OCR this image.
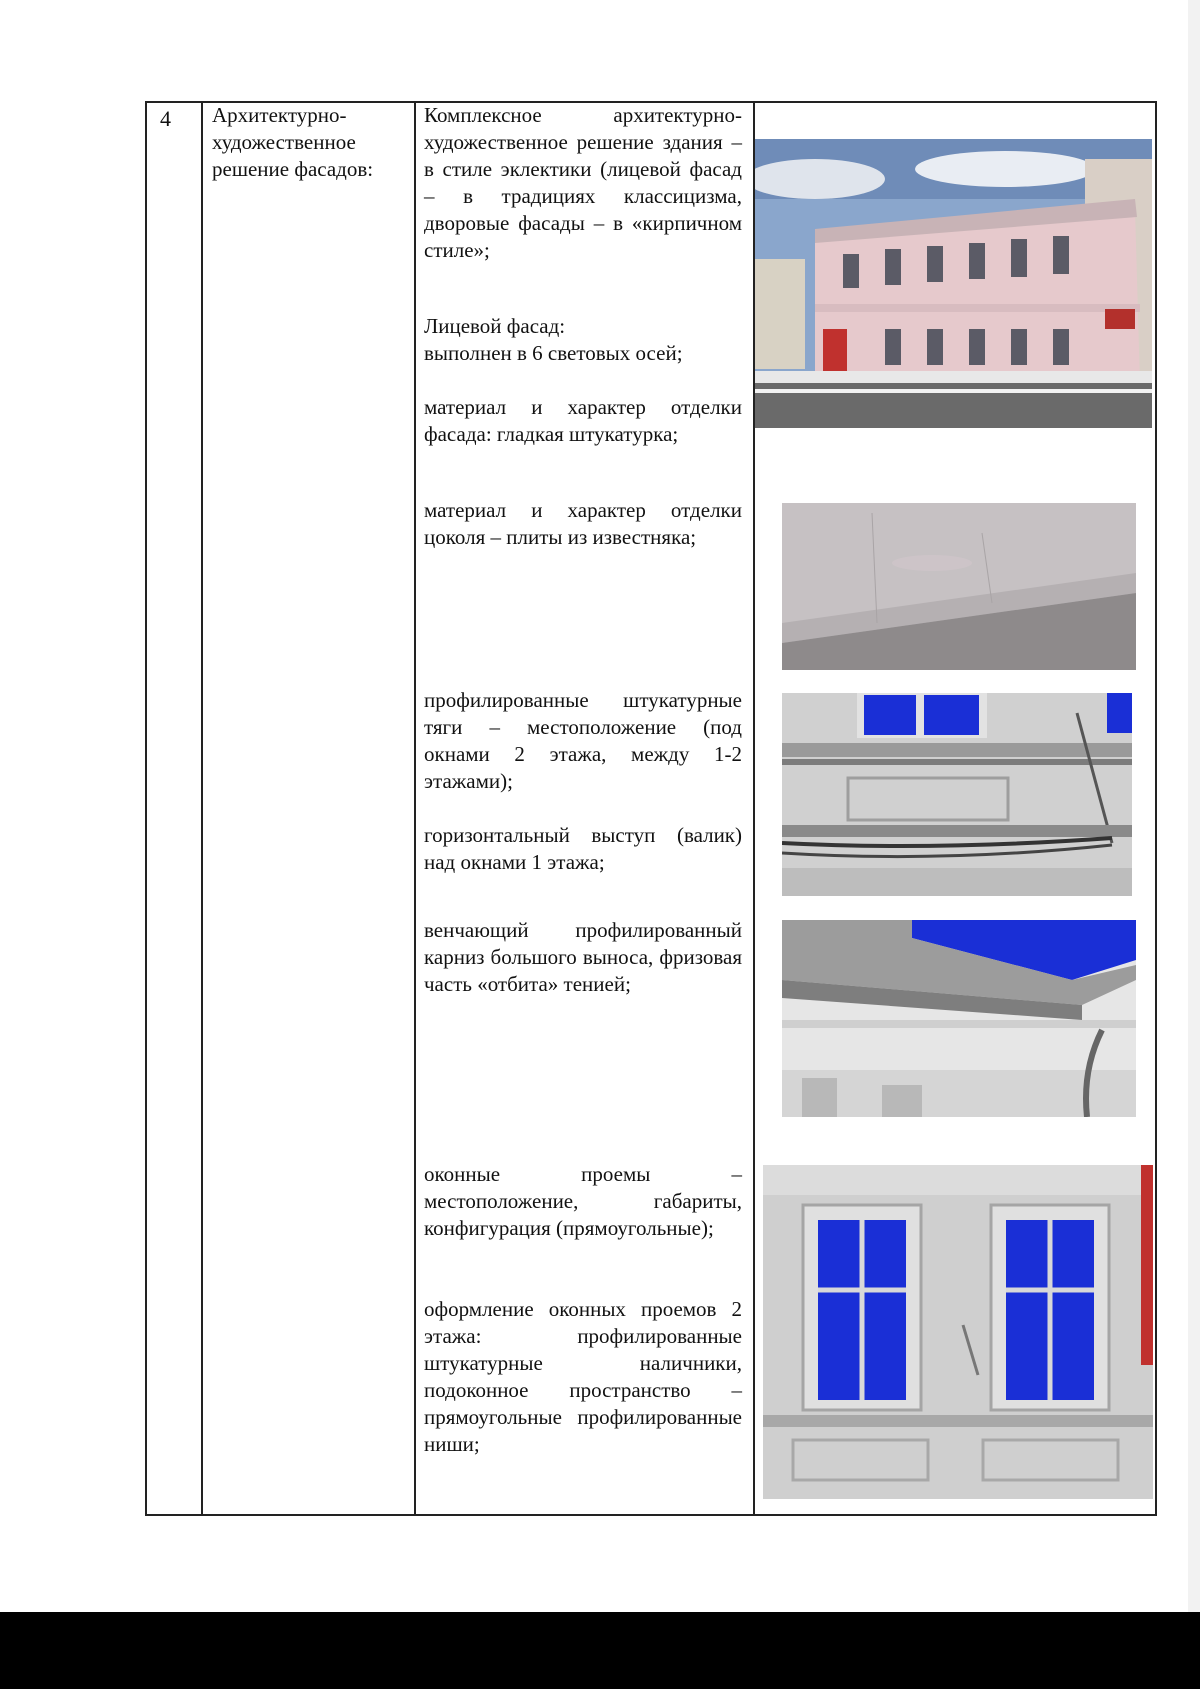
4 Архитектурно-художественное решение фасадов:

Комплексное архитектурно-художественное решение здания – в стиле эклектики (лицевой фасад – в традициях классицизма, дворовые фасады – в «кирпичном стиле»;

Лицевой фасад:

выполнен в 6 световых осей;

материал и характер отделки фасада: гладкая штукатурка;

материал и характер отделки цоколя – плиты из известняка;

профилированные штукатурные тяги – местоположение (под окнами 2 этажа, между 1-2 этажами);

горизонтальный выступ (валик) над окнами 1 этажа;

венчающий профилированный карниз большого выноса, фризовая часть «отбита» тенией;

оконные проемы – местоположение, габариты, конфигурация (прямоугольные);

оформление оконных проемов 2 этажа: профилированные штукатурные наличники, подоконное пространство – прямоугольные профилированные ниши;
